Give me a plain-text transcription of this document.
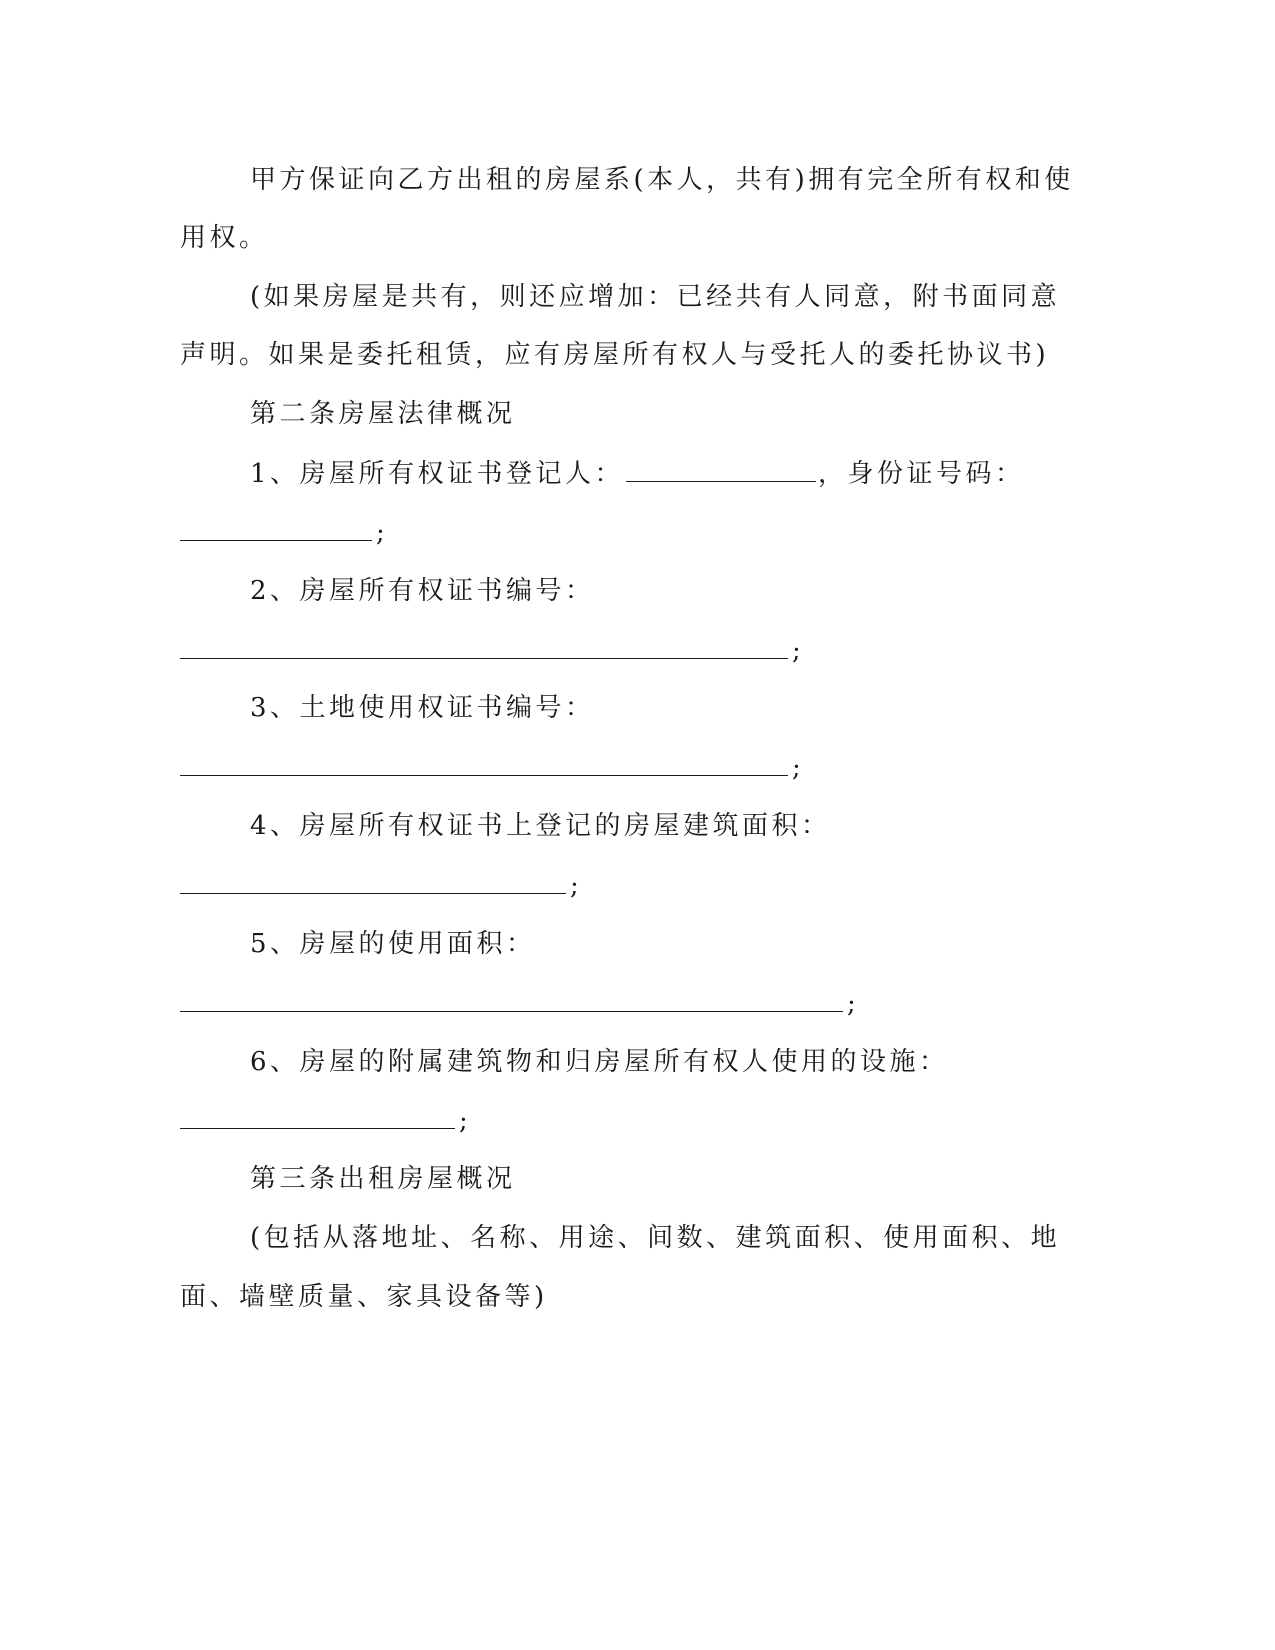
甲方保证向乙方出租的房屋系(本人，共有)拥有完全所有权和使
用权。
(如果房屋是共有，则还应增加：已经共有人同意，附书面同意
声明。如果是委托租赁，应有房屋所有权人与受托人的委托协议书)
第二条房屋法律概况
1、房屋所有权证书登记人：	，身份证号码：
;
2、房屋所有权证书编号：
;
3、土地使用权证书编号：
;
4、房屋所有权证书上登记的房屋建筑面积：
;
5、房屋的使用面积：
;
6、房屋的附属建筑物和归房屋所有权人使用的设施：
;
第三条出租房屋概况
(包括从落地址、名称、用途、间数、建筑面积、使用面积、地
面、墙壁质量、家具设备等)
